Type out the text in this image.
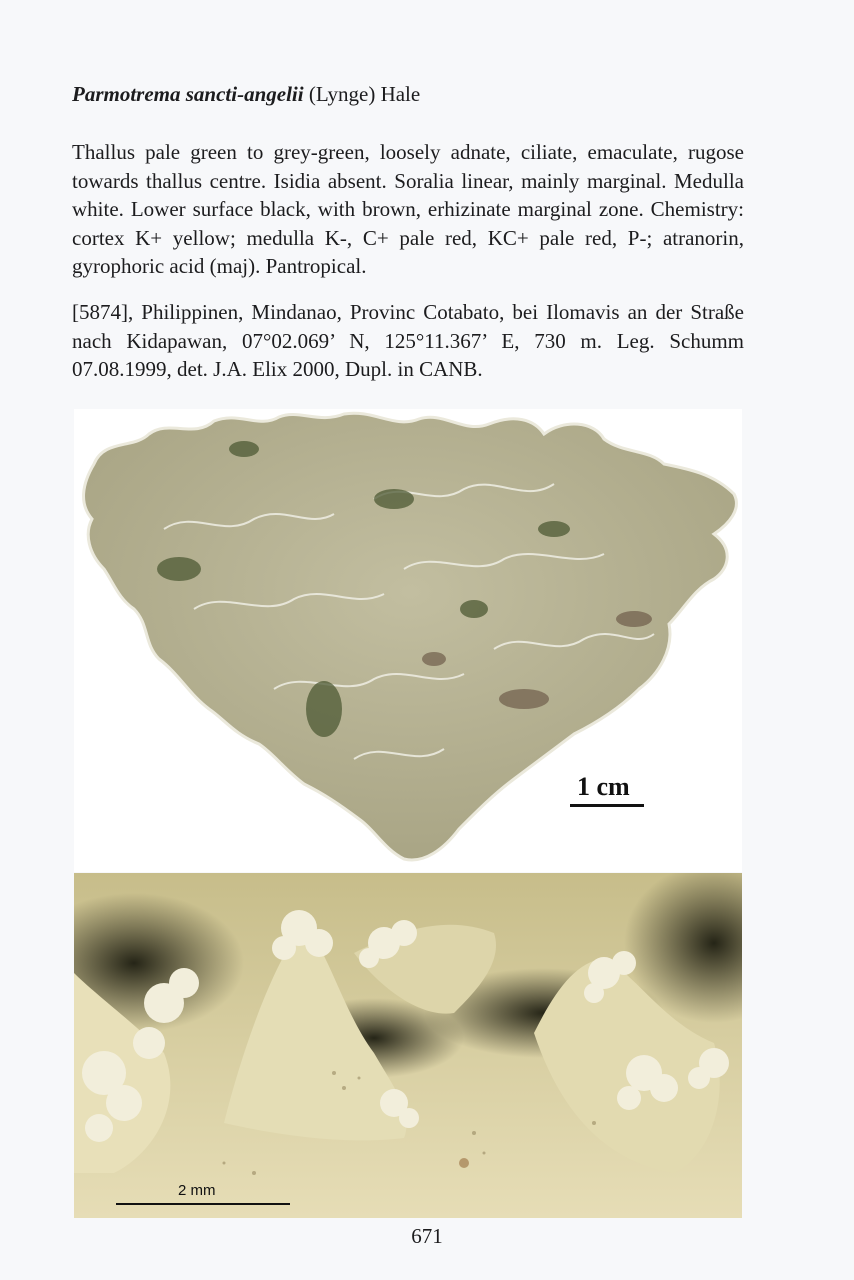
Parmotrema sancti-angelii (Lynge) Hale

Thallus pale green to grey-green, loosely adnate, ciliate, emaculate, rugose towards thallus centre. Isidia absent. Soralia linear, mainly marginal. Medulla white. Lower surface black, with brown, erhizinate marginal zone. Chemistry: cortex K+ yellow; medulla K-, C+ pale red, KC+ pale red, P-; atranorin, gyrophoric acid (maj). Pantropical.

[5874], Philippinen, Mindanao, Provinc Cotabato, bei Ilomavis an der Straße nach Kidapawan, 07°02.069’ N, 125°11.367’ E, 730 m. Leg. Schumm 07.08.1999, det. J.A. Elix 2000, Dupl. in CANB.

1 cm
2 mm
671
